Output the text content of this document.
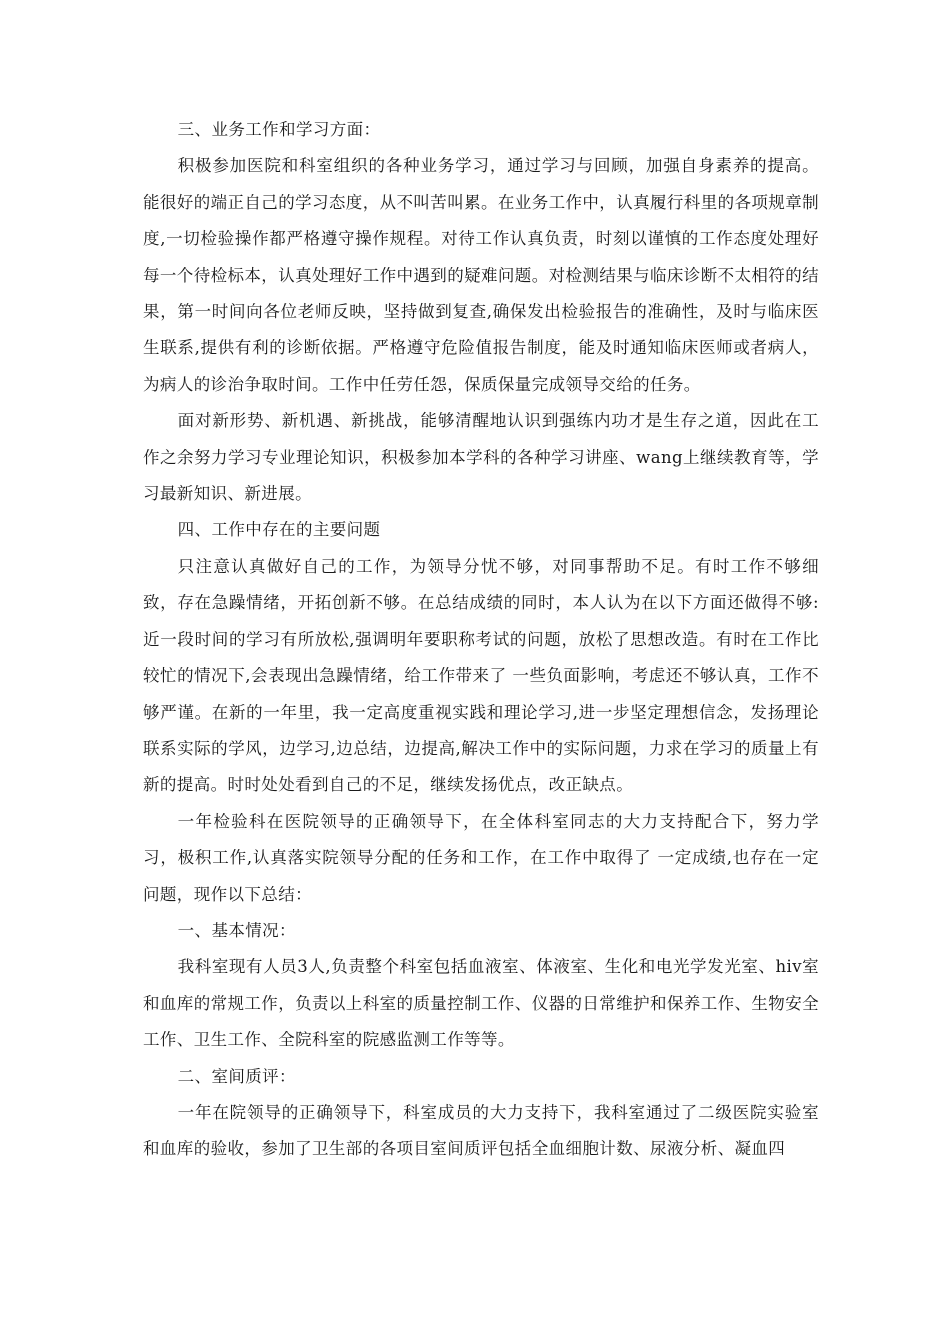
三、业务工作和学习方面：

积极参加医院和科室组织的各种业务学习，通过学习与回顾，加强自身素养的提高。能很好的端正自己的学习态度，从不叫苦叫累。在业务工作中，认真履行科里的各项规章制度,一切检验操作都严格遵守操作规程。对待工作认真负责，时刻以谨慎的工作态度处理好每一个待检标本，认真处理好工作中遇到的疑难问题。对检测结果与临床诊断不太相符的结果，第一时间向各位老师反映，坚持做到复查,确保发出检验报告的准确性，及时与临床医生联系,提供有利的诊断依据。严格遵守危险值报告制度，能及时通知临床医师或者病人，为病人的诊治争取时间。工作中任劳任怨，保质保量完成领导交给的任务。

面对新形势、新机遇、新挑战，能够清醒地认识到强练内功才是生存之道，因此在工作之余努力学习专业理论知识，积极参加本学科的各种学习讲座、wang上继续教育等，学习最新知识、新进展。

四、工作中存在的主要问题

只注意认真做好自己的工作，为领导分忧不够，对同事帮助不足。有时工作不够细致，存在急躁情绪，开拓创新不够。在总结成绩的同时，本人认为在以下方面还做得不够:近一段时间的学习有所放松,强调明年要职称考试的问题，放松了思想改造。有时在工作比较忙的情况下,会表现出急躁情绪，给工作带来了 一些负面影响，考虑还不够认真，工作不够严谨。在新的一年里，我一定高度重视实践和理论学习,进一步坚定理想信念，发扬理论联系实际的学风，边学习,边总结，边提高,解决工作中的实际问题，力求在学习的质量上有新的提高。时时处处看到自己的不足，继续发扬优点，改正缺点。

一年检验科在医院领导的正确领导下，在全体科室同志的大力支持配合下，努力学习，极积工作,认真落实院领导分配的任务和工作，在工作中取得了 一定成绩,也存在一定问题，现作以下总结：

一、基本情况：

我科室现有人员3人,负责整个科室包括血液室、体液室、生化和电光学发光室、hiv室和血库的常规工作，负责以上科室的质量控制工作、仪器的日常维护和保养工作、生物安全工作、卫生工作、全院科室的院感监测工作等等。

二、室间质评：

一年在院领导的正确领导下，科室成员的大力支持下，我科室通过了二级医院实验室和血库的验收，参加了卫生部的各项目室间质评包括全血细胞计数、尿液分析、凝血四
